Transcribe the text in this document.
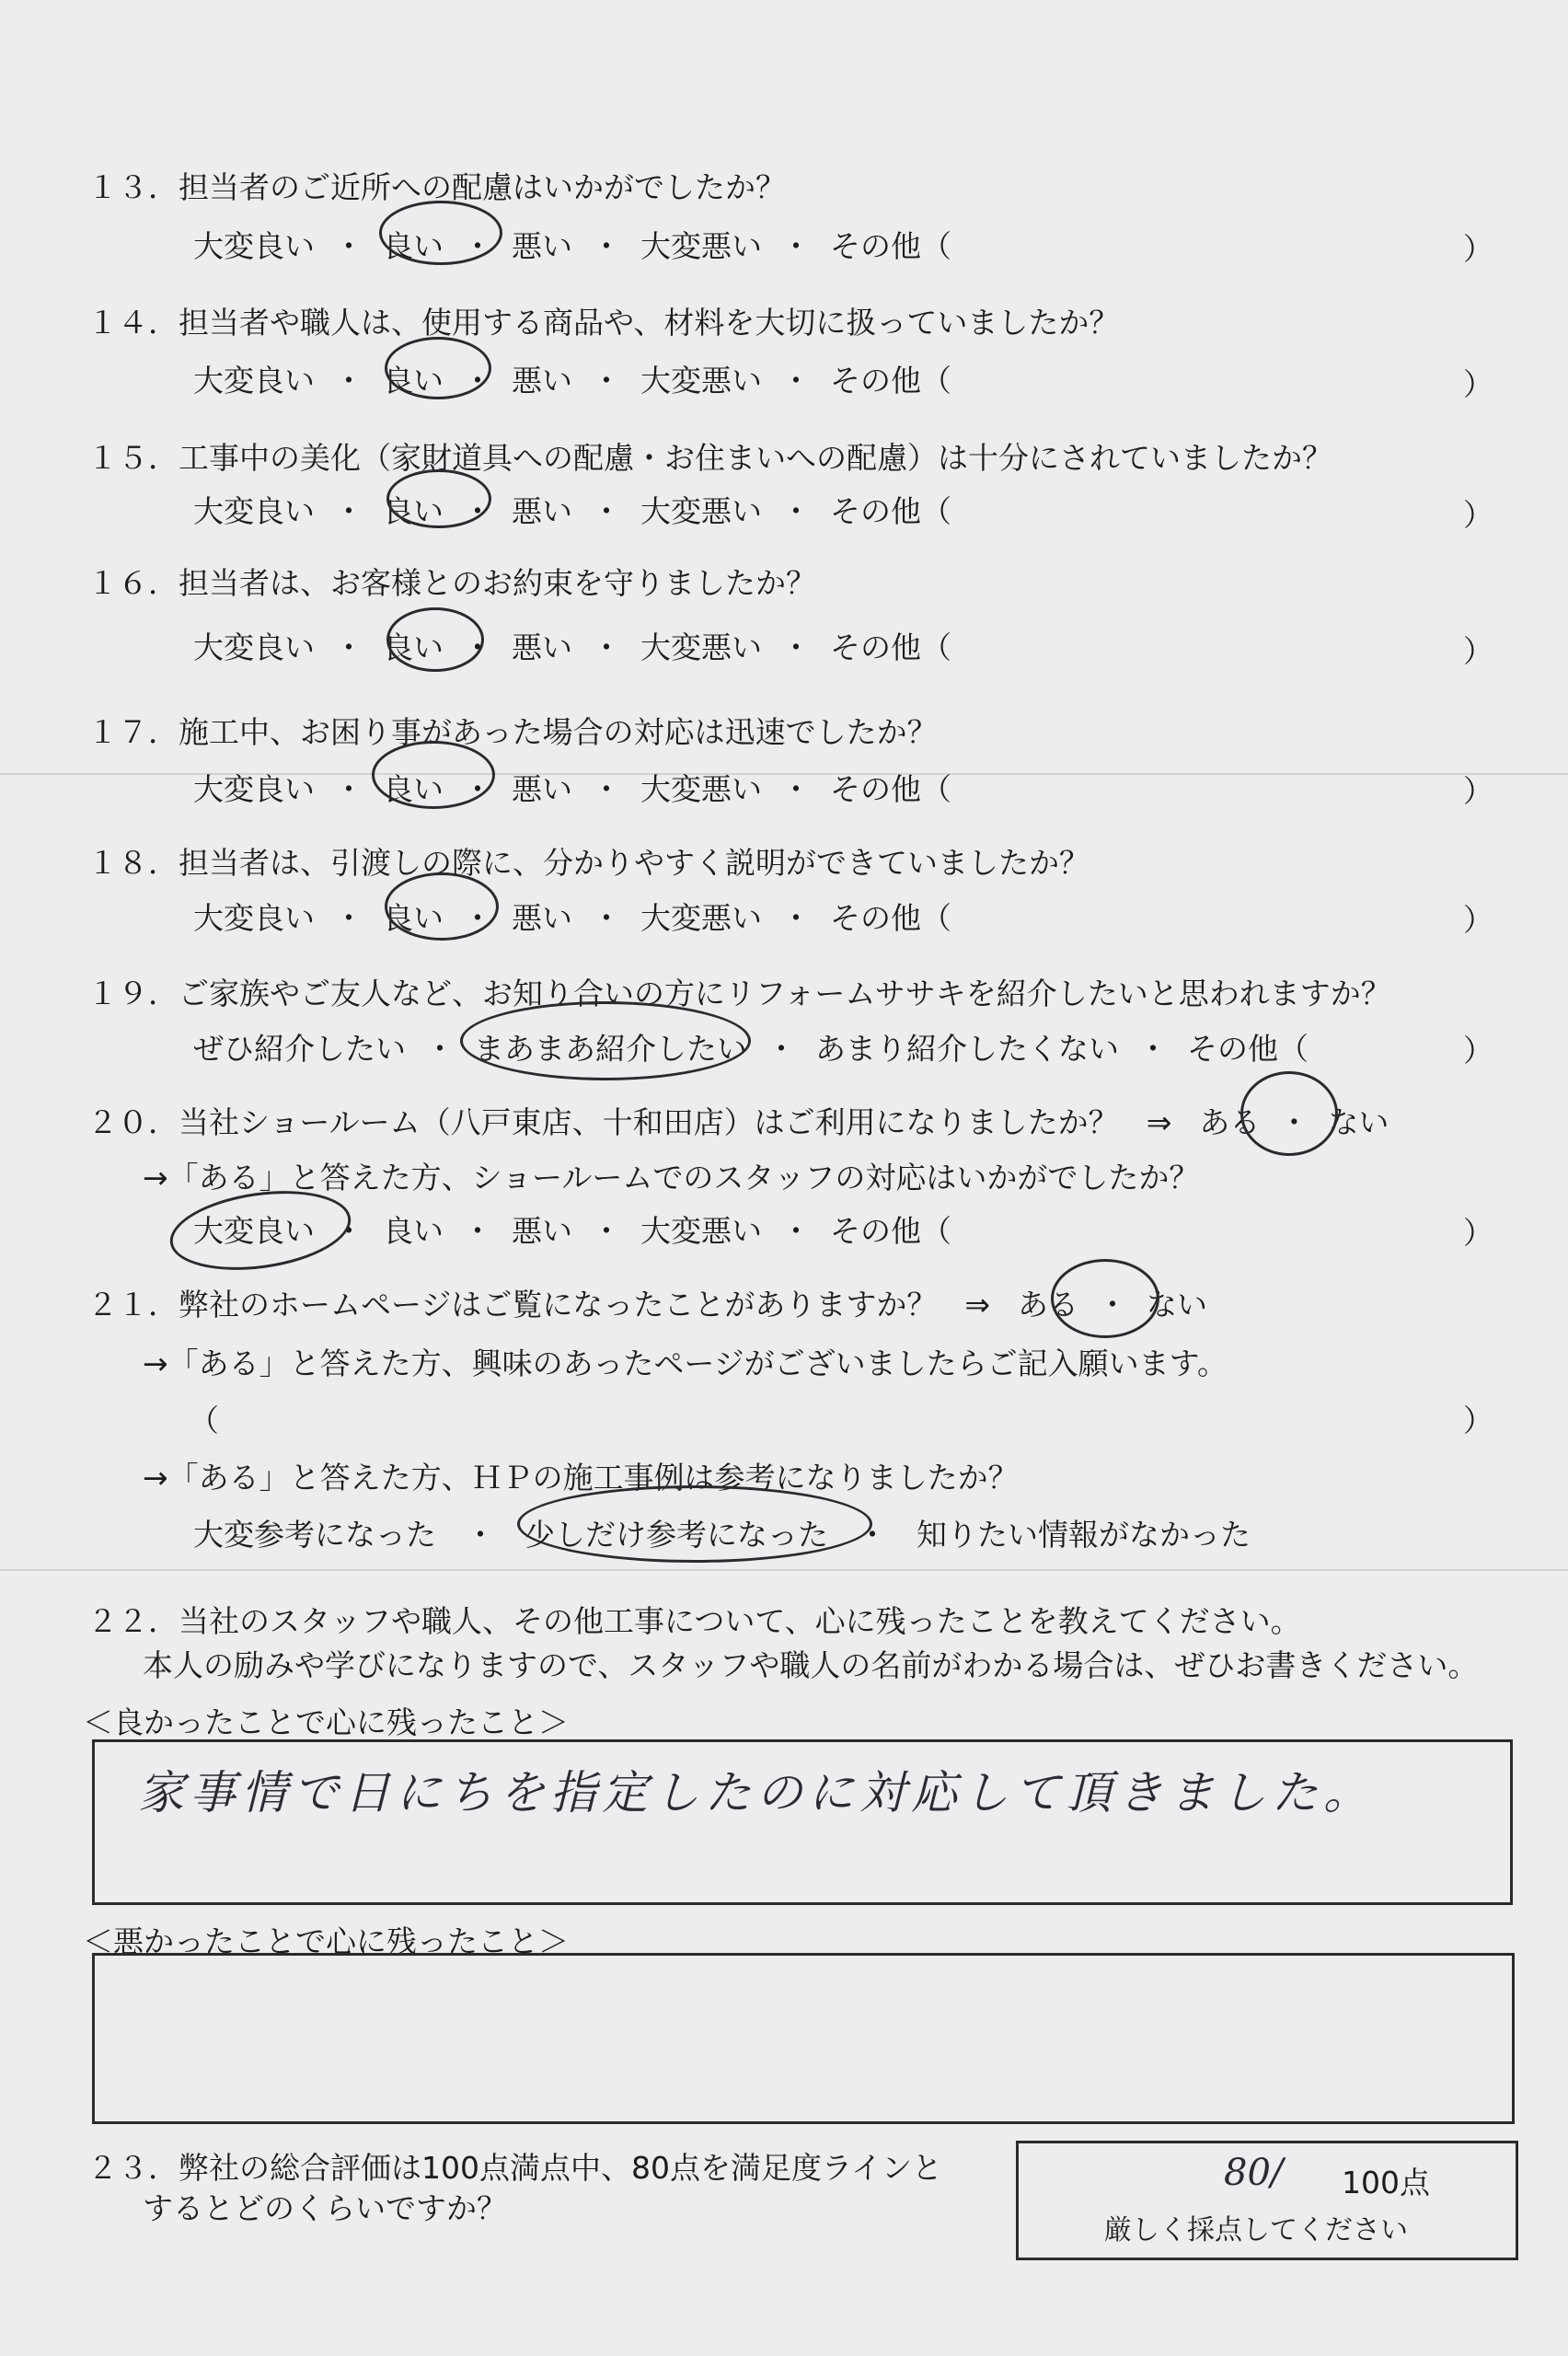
１３．担当者のご近所への配慮はいかがでしたか？
大変良い ・ 良い ・ 悪い ・ 大変悪い ・ その他（	）
１４．担当者や職人は、使用する商品や、材料を大切に扱っていましたか？
大変良い ・ 良い ・ 悪い ・ 大変悪い ・ その他（	）
１５．工事中の美化（家財道具への配慮・お住まいへの配慮）は十分にされていましたか？
大変良い ・ 良い ・ 悪い ・ 大変悪い ・ その他（	）
１６．担当者は、お客様とのお約束を守りましたか？
大変良い ・ 良い ・ 悪い ・ 大変悪い ・ その他（	）
１７．施工中、お困り事があった場合の対応は迅速でしたか？
大変良い ・ 良い ・ 悪い ・ 大変悪い ・ その他（	）
１８．担当者は、引渡しの際に、分かりやすく説明ができていましたか？
大変良い ・ 良い ・ 悪い ・ 大変悪い ・ その他（	）
１９．ご家族やご友人など、お知り合いの方にリフォームササキを紹介したいと思われますか？
ぜひ紹介したい ・ まあまあ紹介したい ・ あまり紹介したくない ・ その他（	）
２０．当社ショールーム（八戸東店、十和田店）はご利用になりましたか？ ⇒ ある ・ ない
→「ある」と答えた方、ショールームでのスタッフの対応はいかがでしたか？
大変良い ・ 良い ・ 悪い ・ 大変悪い ・ その他（	）
２１．弊社のホームページはご覧になったことがありますか？ ⇒ ある ・ ない
→「ある」と答えた方、興味のあったページがございましたらご記入願います。
（	）
→「ある」と答えた方、ＨＰの施工事例は参考になりましたか？
大変参考になった ・ 少しだけ参考になった ・ 知りたい情報がなかった
２２．当社のスタッフや職人、その他工事について、心に残ったことを教えてください。
本人の励みや学びになりますので、スタッフや職人の名前がわかる場合は、ぜひお書きください。
＜良かったことで心に残ったこと＞
家事情で日にちを指定したのに対応して頂きました。
＜悪かったことで心に残ったこと＞
２３．弊社の総合評価は100点満点中、80点を満足度ラインと
するとどのくらいですか？
80/ 100点
厳しく採点してください
